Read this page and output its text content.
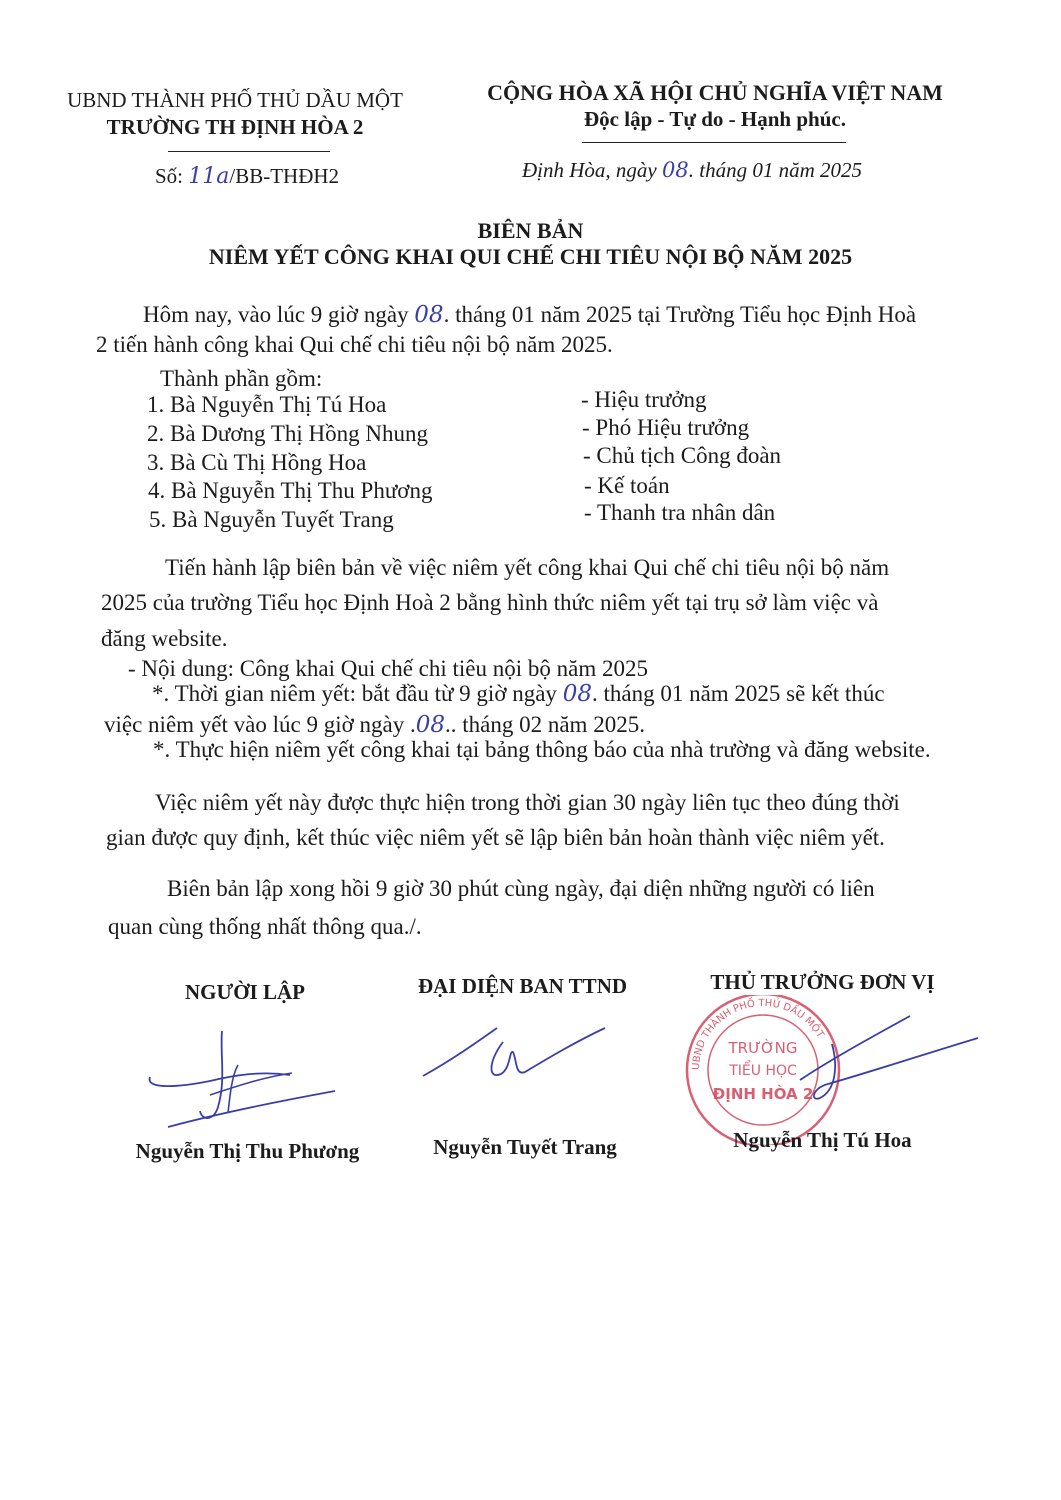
UBND THÀNH PHỐ THỦ DẦU MỘT
TRƯỜNG TH ĐỊNH HÒA 2
Số: 11a/BB-THĐH2
CỘNG HÒA XÃ HỘI CHỦ NGHĨA VIỆT NAM
Độc lập - Tự do - Hạnh phúc.
Định Hòa, ngày 08. tháng 01 năm 2025
BIÊN BẢN
NIÊM YẾT CÔNG KHAI QUI CHẾ CHI TIÊU NỘI BỘ NĂM 2025
Hôm nay, vào lúc 9 giờ ngày 08. tháng 01 năm 2025 tại Trường Tiểu học Định Hoà
2 tiến hành công khai Qui chế chi tiêu nội bộ năm 2025.
Thành phần gồm:
1. Bà Nguyễn Thị Tú Hoa	- Hiệu trưởng
2. Bà Dương Thị Hồng Nhung	- Phó Hiệu trưởng
3. Bà Cù Thị Hồng Hoa	- Chủ tịch Công đoàn
4. Bà Nguyễn Thị Thu Phương	- Kế toán
5. Bà Nguyễn Tuyết Trang	- Thanh tra nhân dân
Tiến hành lập biên bản về việc niêm yết công khai Qui chế chi tiêu nội bộ năm
2025 của trường Tiểu học Định Hoà 2 bằng hình thức niêm yết tại trụ sở làm việc và
đăng website.
- Nội dung: Công khai Qui chế chi tiêu nội bộ năm 2025
*. Thời gian niêm yết: bắt đầu từ 9 giờ ngày 08. tháng 01 năm 2025 sẽ kết thúc
việc niêm yết vào lúc 9 giờ ngày .08.. tháng 02 năm 2025.
*. Thực hiện niêm yết công khai tại bảng thông báo của nhà trường và đăng website.
Việc niêm yết này được thực hiện trong thời gian 30 ngày liên tục theo đúng thời
gian được quy định, kết thúc việc niêm yết sẽ lập biên bản hoàn thành việc niêm yết.
Biên bản lập xong hồi 9 giờ 30 phút cùng ngày, đại diện những người có liên
quan cùng thống nhất thông qua./.
NGƯỜI LẬP	ĐẠI DIỆN BAN TTND	THỦ TRƯỞNG ĐƠN VỊ
UBND THÀNH PHỐ THỦ DẦU MỘT
TRƯỜNG
TIỂU HỌC
ĐỊNH HÒA 2
Nguyễn Thị Thu Phương	Nguyễn Tuyết Trang	Nguyễn Thị Tú Hoa
